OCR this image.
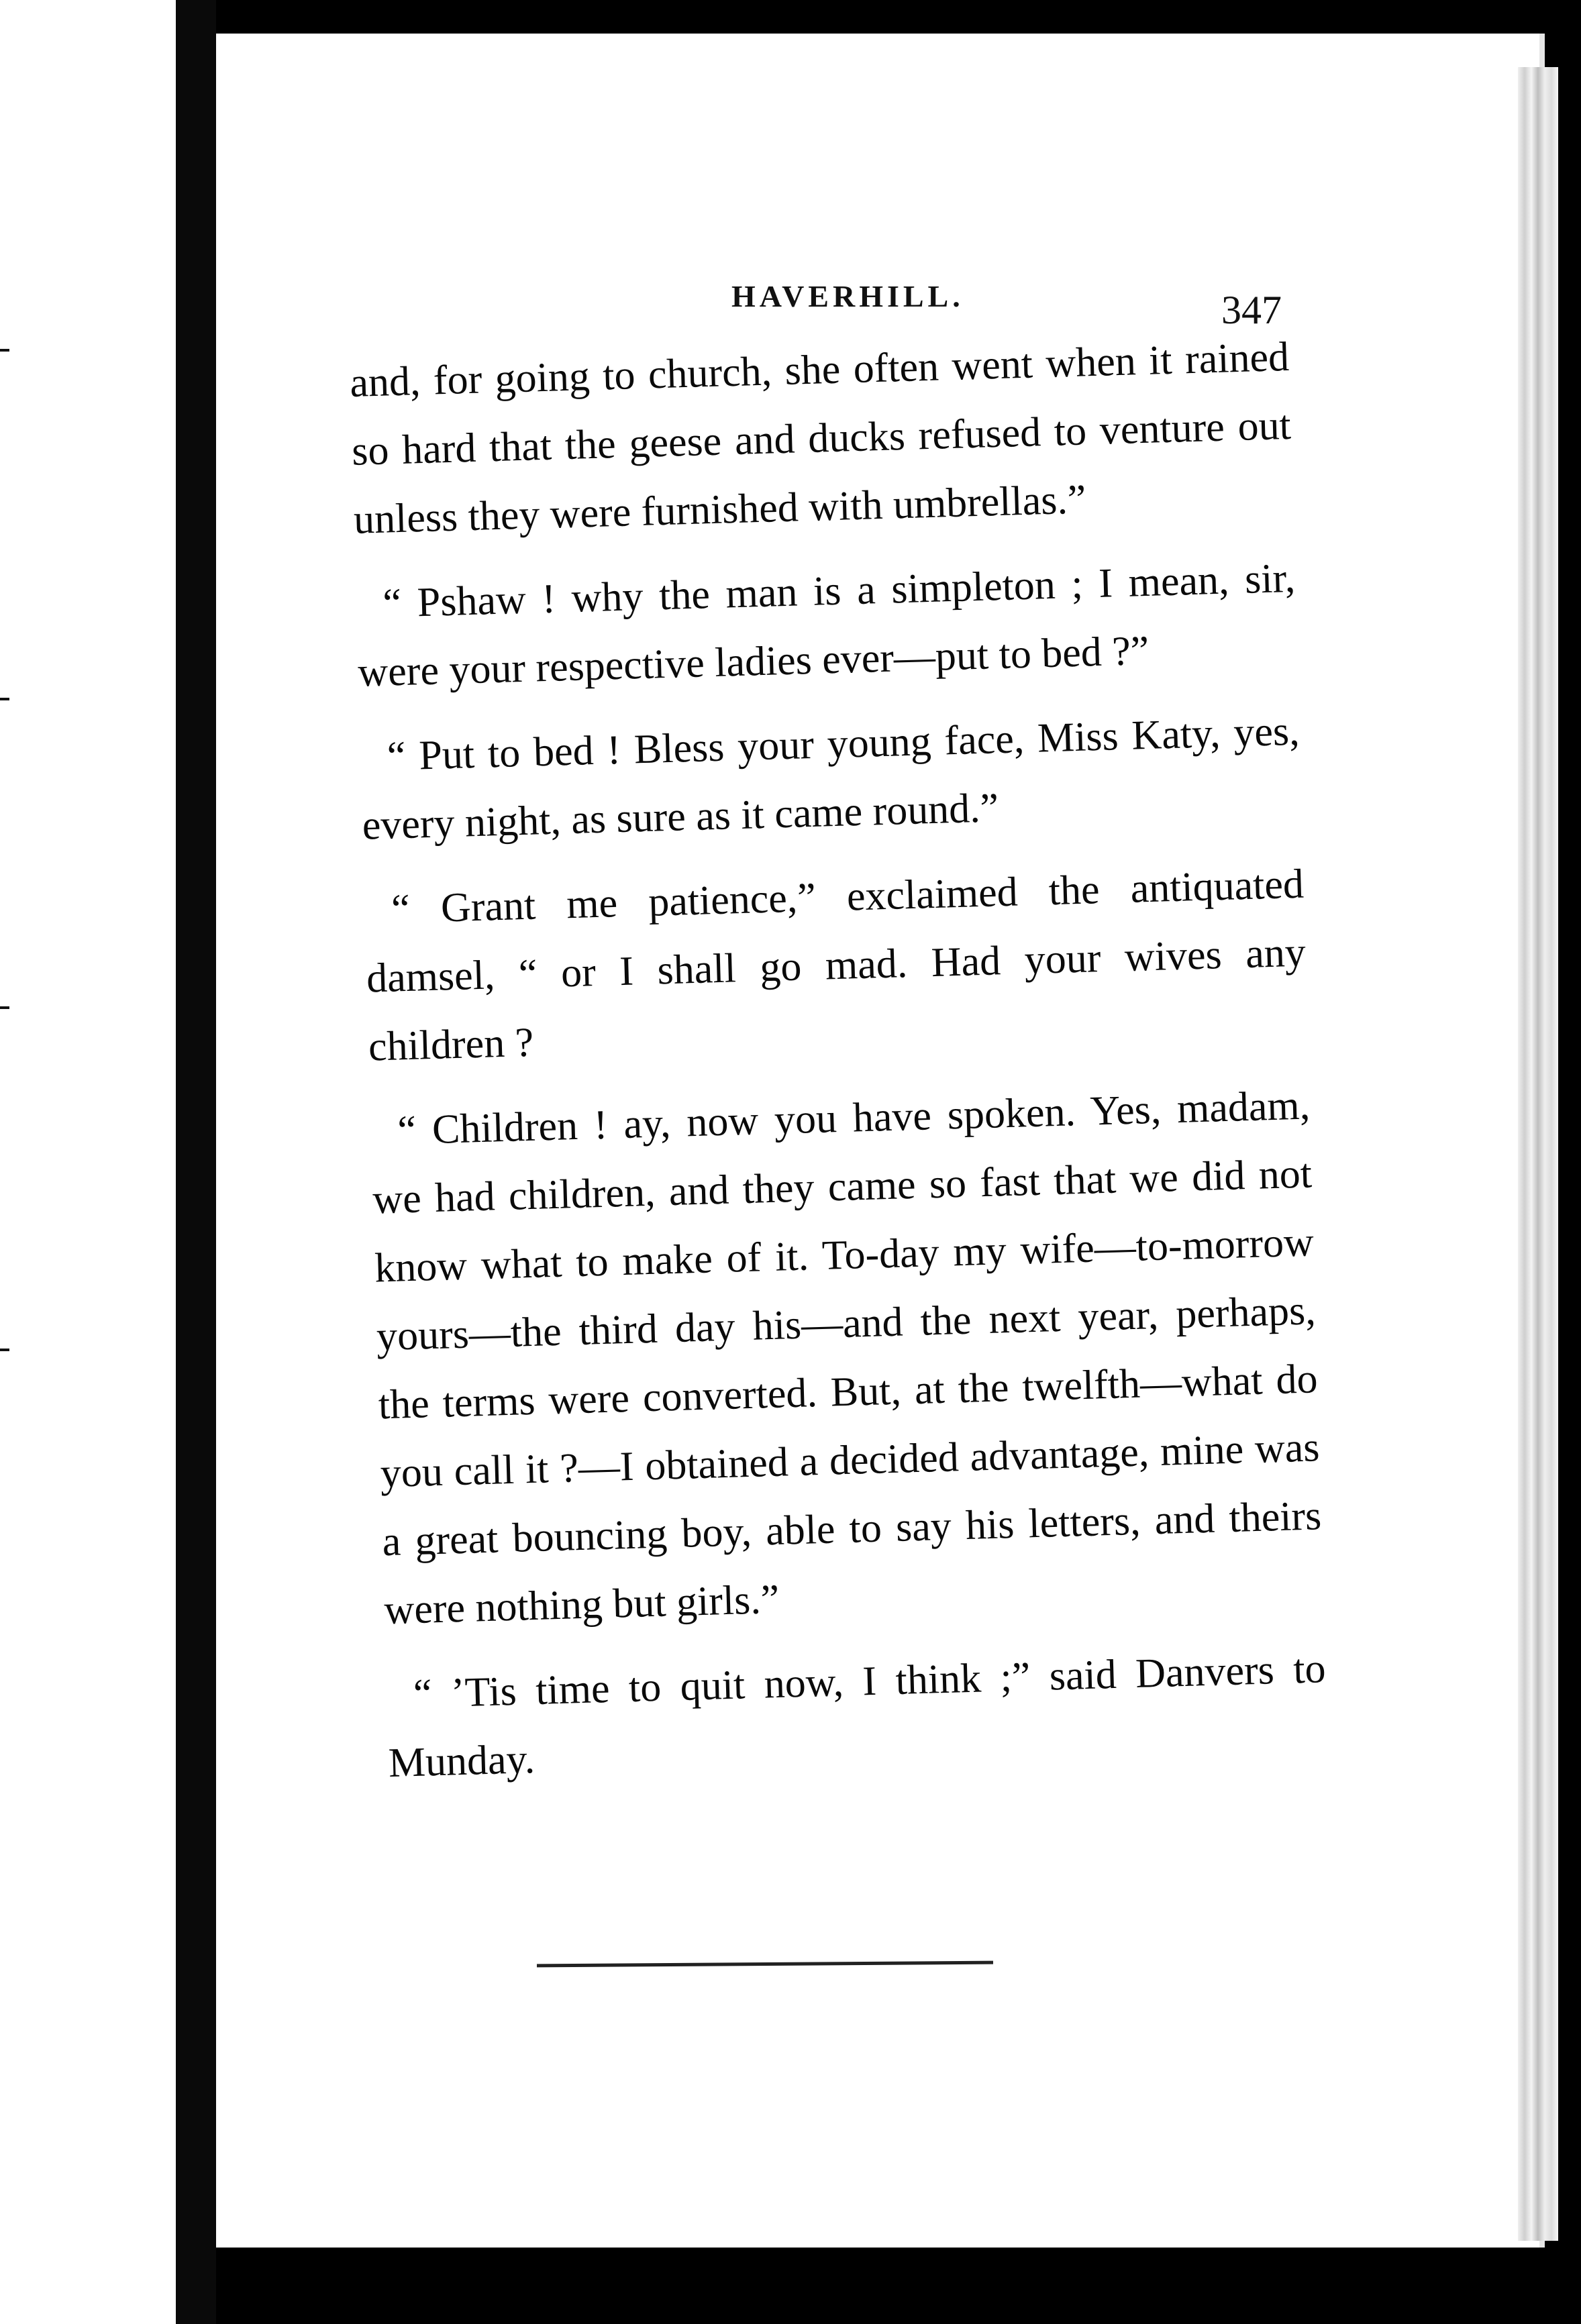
HAVERHILL.	347

and, for going to church, she often went when it rained so hard that the geese and ducks refused to venture out unless they were furnished with umbrellas.”

“ Pshaw ! why the man is a simpleton ; I mean, sir, were your respective ladies ever—put to bed ?”

“ Put to bed ! Bless your young face, Miss Katy, yes, every night, as sure as it came round.”

“ Grant me patience,” exclaimed the antiquated damsel, “ or I shall go mad. Had your wives any children ?

“ Children ! ay, now you have spoken. Yes, madam, we had children, and they came so fast that we did not know what to make of it. To-day my wife—to-morrow yours—the third day his—and the next year, perhaps, the terms were converted. But, at the twelfth—what do you call it ?—I obtained a decided advantage, mine was a great bouncing boy, able to say his letters, and theirs were nothing but girls.”

“ ’Tis time to quit now, I think ;” said Danvers to Munday.
